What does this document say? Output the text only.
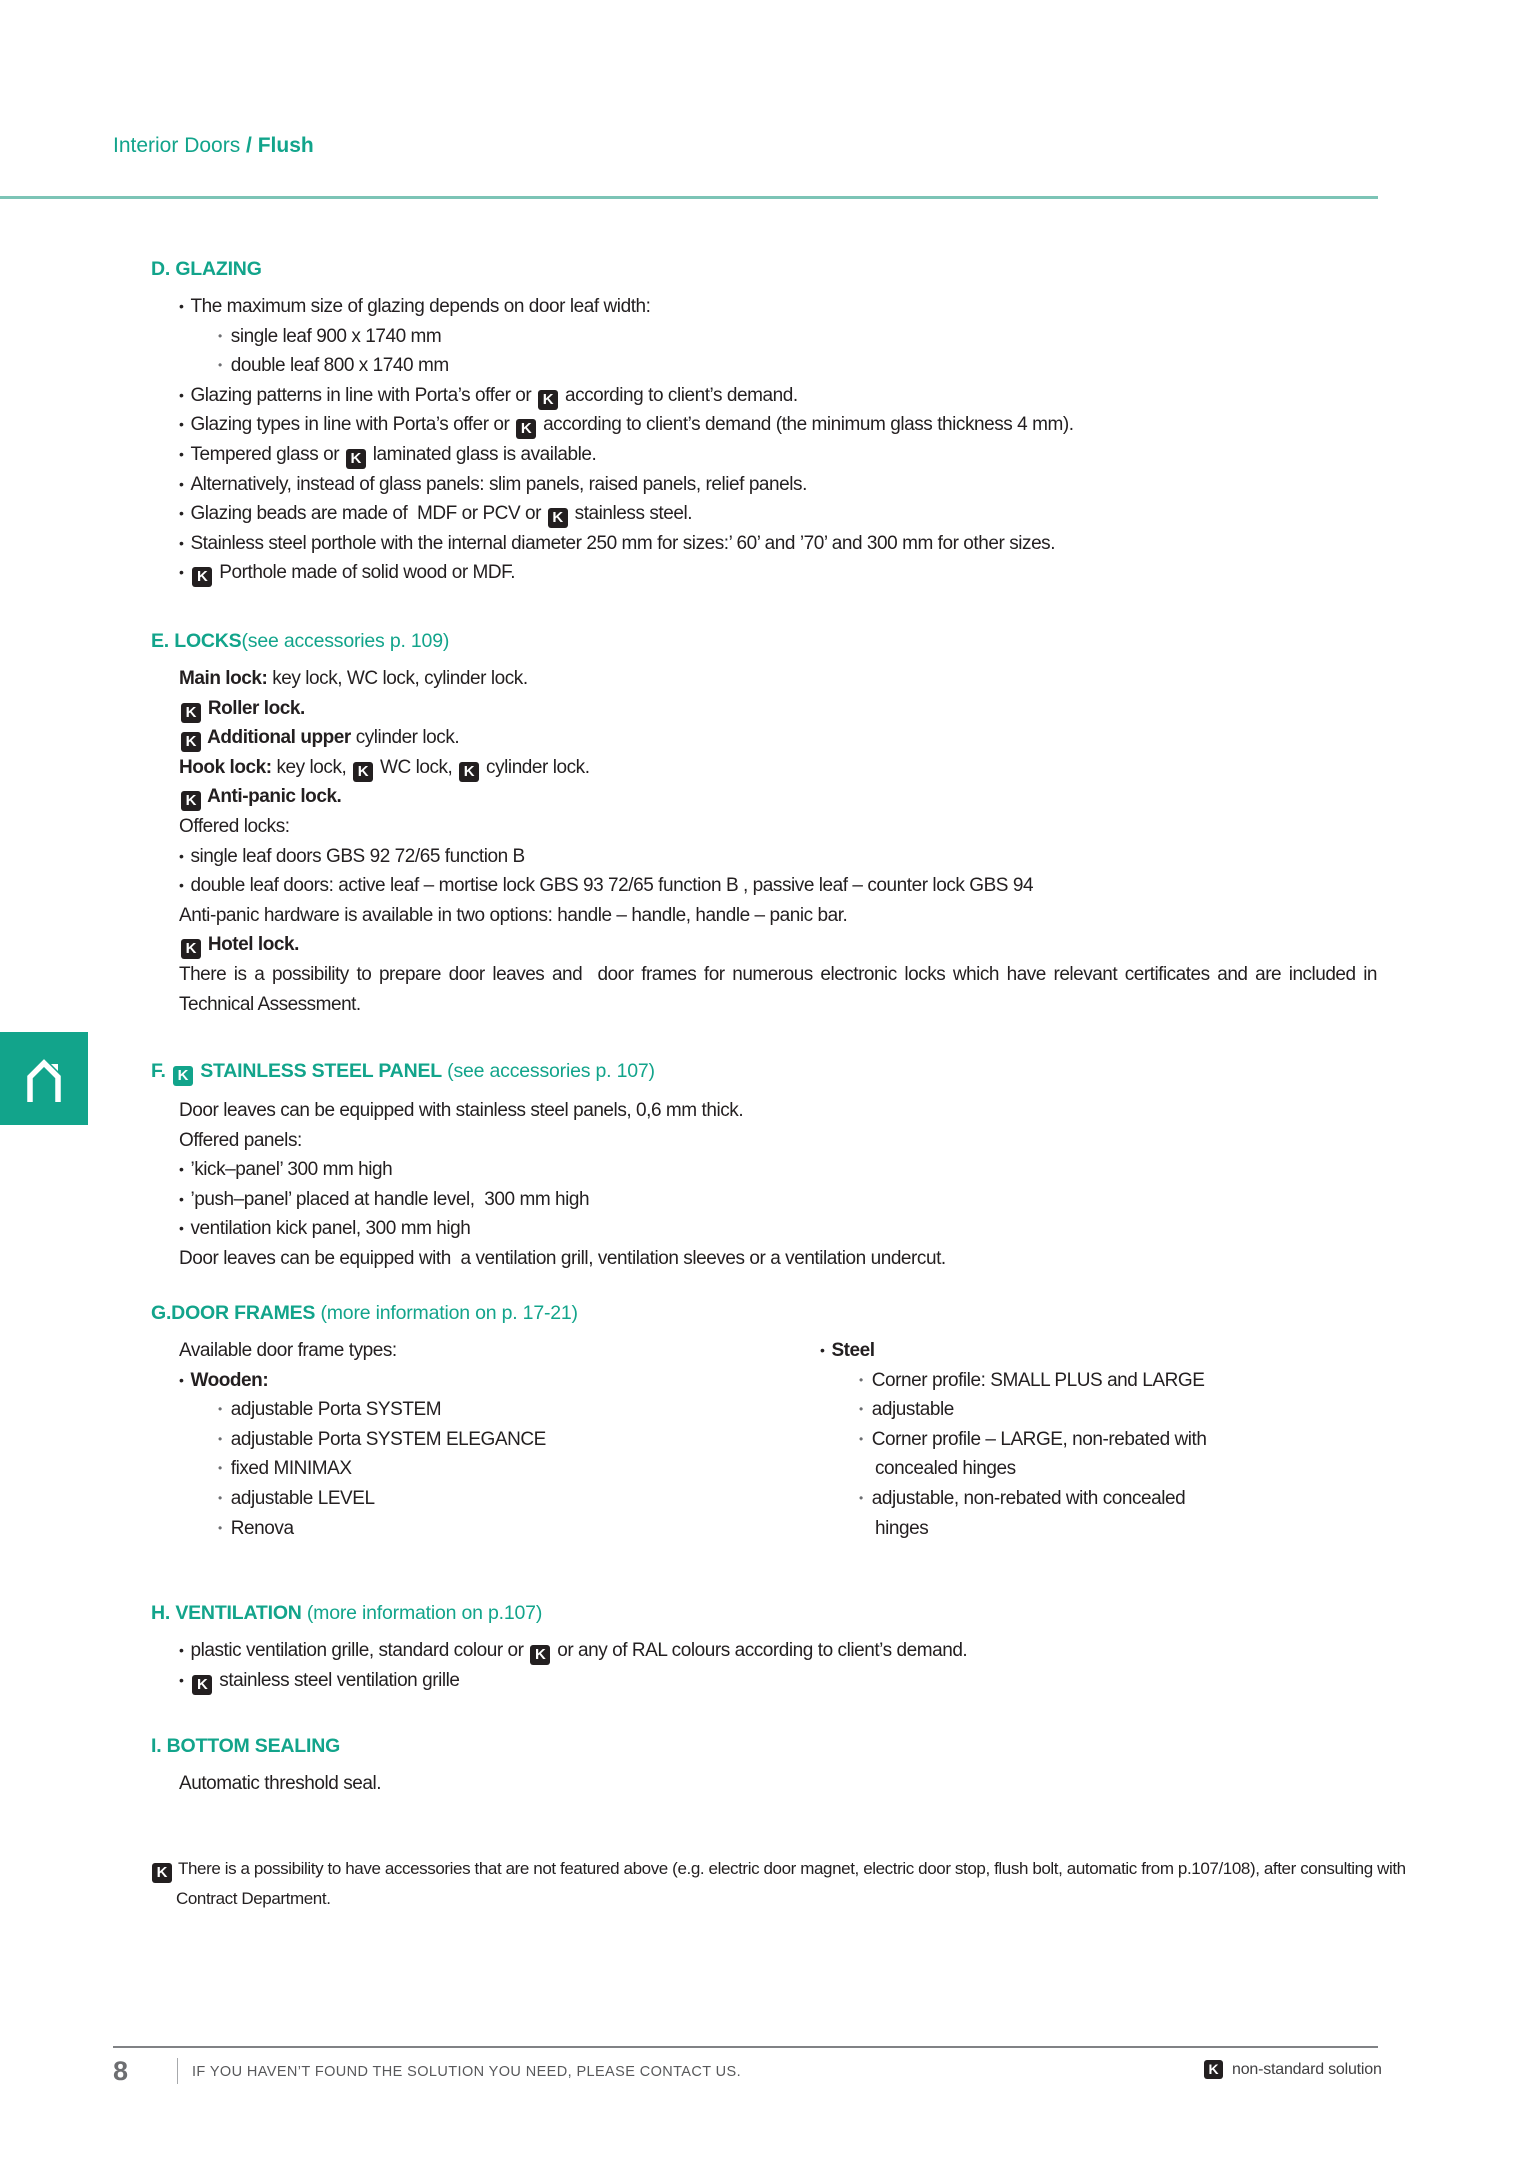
Interior Doors / Flush
D. GLAZING
• The maximum size of glazing depends on door leaf width:
• single leaf 900 x 1740 mm
• double leaf 800 x 1740 mm
• Glazing patterns in line with Porta’s offer or K according to client’s demand.
• Glazing types in line with Porta’s offer or K according to client’s demand (the minimum glass thickness 4 mm).
• Tempered glass or K laminated glass is available.
• Alternatively, instead of glass panels: slim panels, raised panels, relief panels.
• Glazing beads are made of  MDF or PCV or K stainless steel.
• Stainless steel porthole with the internal diameter 250 mm for sizes:’ 60’ and ’70’ and 300 mm for other sizes.
• K Porthole made of solid wood or MDF.
E. LOCKS(see accessories p. 109)
Main lock: key lock, WC lock, cylinder lock.
K Roller lock.
K Additional upper cylinder lock.
Hook lock: key lock, K WC lock, K cylinder lock.
K Anti-panic lock.
Offered locks:
• single leaf doors GBS 92 72/65 function B
• double leaf doors: active leaf – mortise lock GBS 93 72/65 function B , passive leaf – counter lock GBS 94
Anti-panic hardware is available in two options: handle – handle, handle – panic bar.
K Hotel lock.
There is a possibility to prepare door leaves and  door frames for numerous electronic locks which have relevant certificates and are included in Technical Assessment.
F. K STAINLESS STEEL PANEL (see accessories p. 107)
Door leaves can be equipped with stainless steel panels, 0,6 mm thick.
Offered panels:
• ’kick–panel’ 300 mm high
• ’push–panel’ placed at handle level,  300 mm high
• ventilation kick panel, 300 mm high
Door leaves can be equipped with  a ventilation grill, ventilation sleeves or a ventilation undercut.
G.DOOR FRAMES (more information on p. 17-21)
Available door frame types:
• Wooden:
• adjustable Porta SYSTEM
• adjustable Porta SYSTEM ELEGANCE
• fixed MINIMAX
• adjustable LEVEL
• Renova
• Steel
• Corner profile: SMALL PLUS and LARGE
• adjustable
• Corner profile – LARGE, non-rebated with
concealed hinges
• adjustable, non-rebated with concealed
hinges
H. VENTILATION (more information on p.107)
• plastic ventilation grille, standard colour or K or any of RAL colours according to client’s demand.
• K stainless steel ventilation grille
I. BOTTOM SEALING
Automatic threshold seal.
K There is a possibility to have accessories that are not featured above (e.g. electric door magnet, electric door stop, flush bolt, automatic from p.107/108), after consulting with Contract Department.
8	IF YOU HAVEN’T FOUND THE SOLUTION YOU NEED, PLEASE CONTACT US.	K non-standard solution
